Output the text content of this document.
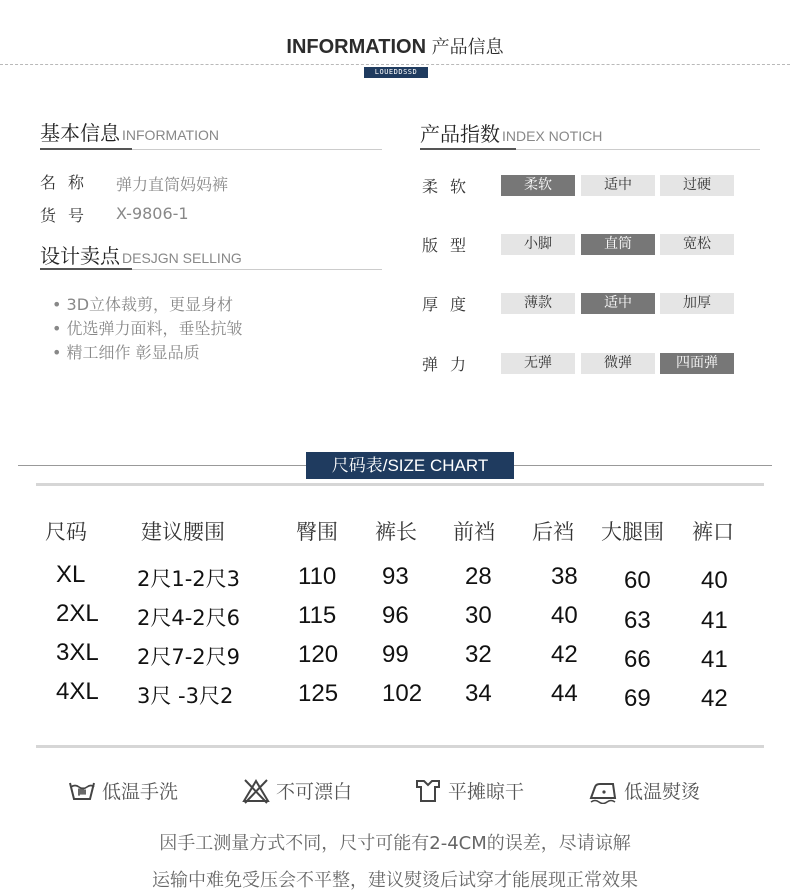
INFORMATION 产品信息
LOUEDDSSD
基本信息 INFORMATION
名称 弹力直筒妈妈裤
货号 X-9806-1
设计卖点 DESJGN SELLING
• 3D立体裁剪，更显身材
• 优选弹力面料，垂坠抗皱
• 精工细作 彰显品质
产品指数 INDEX NOTICH
柔软	柔软	适中	过硬
版型	小脚	直筒	宽松
厚度	薄款	适中	加厚
弹力	无弹	微弹	四面弹
尺码表/SIZE CHART
尺码	建议腰围	臀围 裤长 前裆 后裆 大腿围 裤口
XL 2尺1-2尺3 110 93 28 38 60 40
2XL 2尺4-2尺6 115 96 30 40 63 41
3XL 2尺7-2尺9 120 99 32 42 66 41
4XL 3尺 -3尺2	125 102 34 44 69 42
低温手洗	不可漂白	平摊晾干	低温熨烫
因手工测量方式不同，尺寸可能有2-4CM的误差，尽请谅解
运输中难免受压会不平整，建议熨烫后试穿才能展现正常效果
